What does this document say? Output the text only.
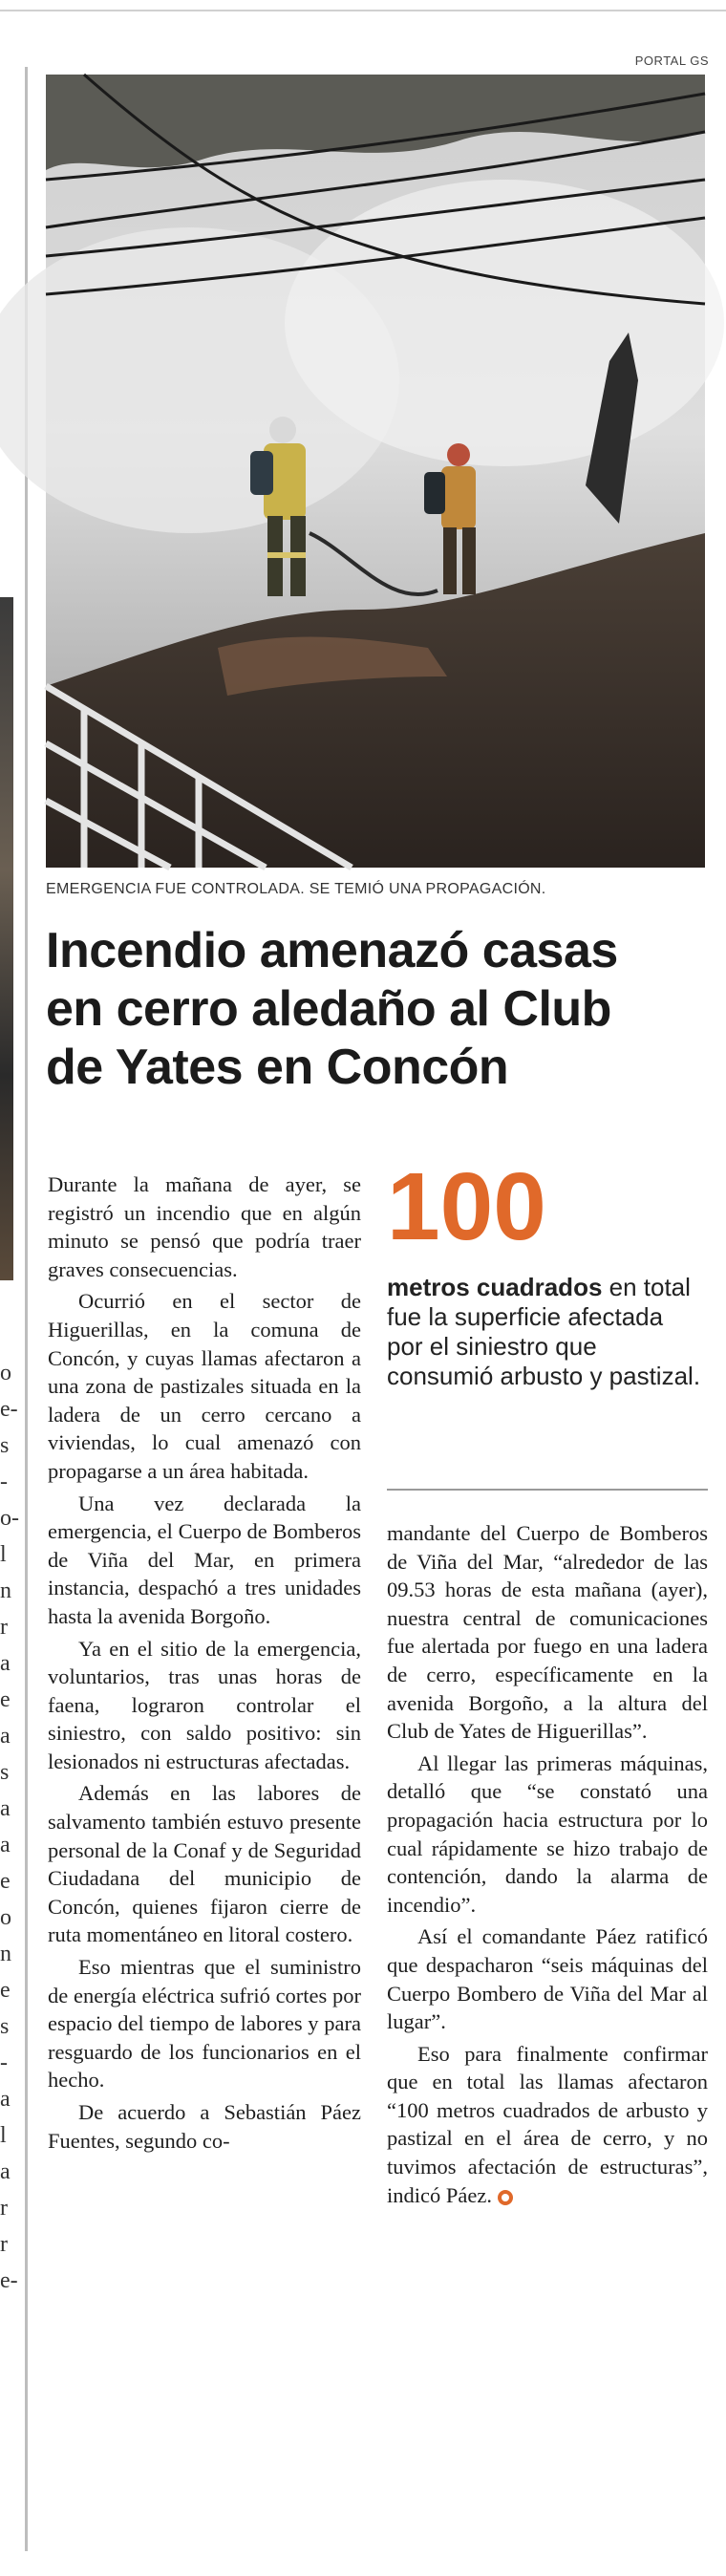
o
e-
s
-
o-
l
n
r
a
e
a
s
a
a
e
o
n
e
s
-
a
l
a
r
r
e-
PORTAL GS
EMERGENCIA FUE CONTROLADA. SE TEMIÓ UNA PROPAGACIÓN.
Incendio amenazó casas
en cerro aledaño al Club
de Yates en Concón

Durante la mañana de ayer, se registró un incendio que en algún minuto se pensó que podría traer graves consecuencias.

Ocurrió en el sector de Higuerillas, en la comuna de Concón, y cuyas llamas afectaron a una zona de pastizales situada en la ladera de un cerro cercano a viviendas, lo cual amenazó con propagarse a un área habitada.

Una vez declarada la emergencia, el Cuerpo de Bomberos de Viña del Mar, en primera instancia, despachó a tres unidades hasta la avenida Borgoño.

Ya en el sitio de la emergencia, voluntarios, tras unas horas de faena, lograron controlar el siniestro, con saldo positivo: sin lesionados ni estructuras afectadas.

Además en las labores de salvamento también estuvo presente personal de la Conaf y de Seguridad Ciudadana del municipio de Concón, quienes fijaron cierre de ruta momentáneo en litoral costero.

Eso mientras que el suministro de energía eléctrica sufrió cortes por espacio del tiempo de labores y para resguardo de los funcionarios en el hecho.

De acuerdo a Sebastián Páez Fuentes, segundo co-

100
metros cuadrados en total fue la superficie afectada por el siniestro que consumió arbusto y pastizal.

mandante del Cuerpo de Bomberos de Viña del Mar, “alrededor de las 09.53 horas de esta mañana (ayer), nuestra central de comunicaciones fue alertada por fuego en una ladera de cerro, específicamente en la avenida Borgoño, a la altura del Club de Yates de Higuerillas”.

Al llegar las primeras máquinas, detalló que “se constató una propagación hacia estructura por lo cual rápidamente se hizo trabajo de contención, dando la alarma de incendio”.

Así el comandante Páez ratificó que despacharon “seis máquinas del Cuerpo Bombero de Viña del Mar al lugar”.

Eso para finalmente confirmar que en total las llamas afectaron “100 metros cuadrados de arbusto y pastizal en el área de cerro, y no tuvimos afectación de estructuras”, indicó Páez.
